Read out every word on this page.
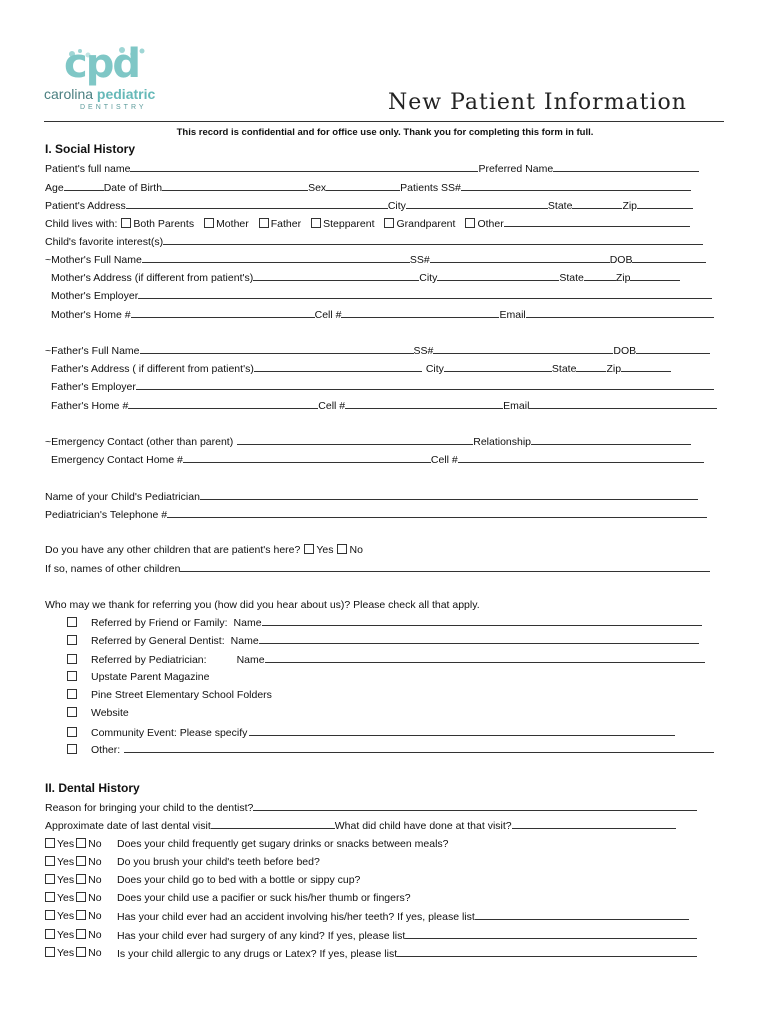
cpd
carolina pediatric
DENTISTRY	New Patient Information
This record is confidential and for office use only. Thank you for completing this form in full.
I. Social History
Patient's full name	Preferred Name
Age	Date of Birth	Sex	Patients SS#
Patient's Address	City	State	Zip
Child lives with: Both Parents Mother Father Stepparent Grandparent Other
Child's favorite interest(s)
~Mother's Full Name	SS#	DOB
Mother's Address (if different from patient's)	City	State	Zip
Mother's Employer
Mother's Home #	Cell #	Email
~Father's Full Name	SS#	DOB
Father's Address ( if different from patient's)	City	State	Zip
Father's Employer
Father's Home #	Cell #	Email
~Emergency Contact (other than parent)	Relationship
Emergency Contact Home #	Cell #
Name of your Child's Pediatrician
Pediatrician's Telephone #
Do you have any other children that are patient's here? Yes No
If so, names of other children
Who may we thank for referring you (how did you hear about us)? Please check all that apply.
Referred by Friend or Family: Name
Referred by General Dentist: Name
Referred by Pediatrician:	Name
Upstate Parent Magazine
Pine Street Elementary School Folders
Website
Community Event: Please specify
Other:
II. Dental History
Reason for bringing your child to the dentist?
Approximate date of last dental visit	What did child have done at that visit?
Yes No Does your child frequently get sugary drinks or snacks between meals?
Yes No Do you brush your child's teeth before bed?
Yes No Does your child go to bed with a bottle or sippy cup?
Yes No Does your child use a pacifier or suck his/her thumb or fingers?
Yes No Has your child ever had an accident involving his/her teeth? If yes, please list
Yes No Has your child ever had surgery of any kind? If yes, please list
Yes No Is your child allergic to any drugs or Latex? If yes, please list
